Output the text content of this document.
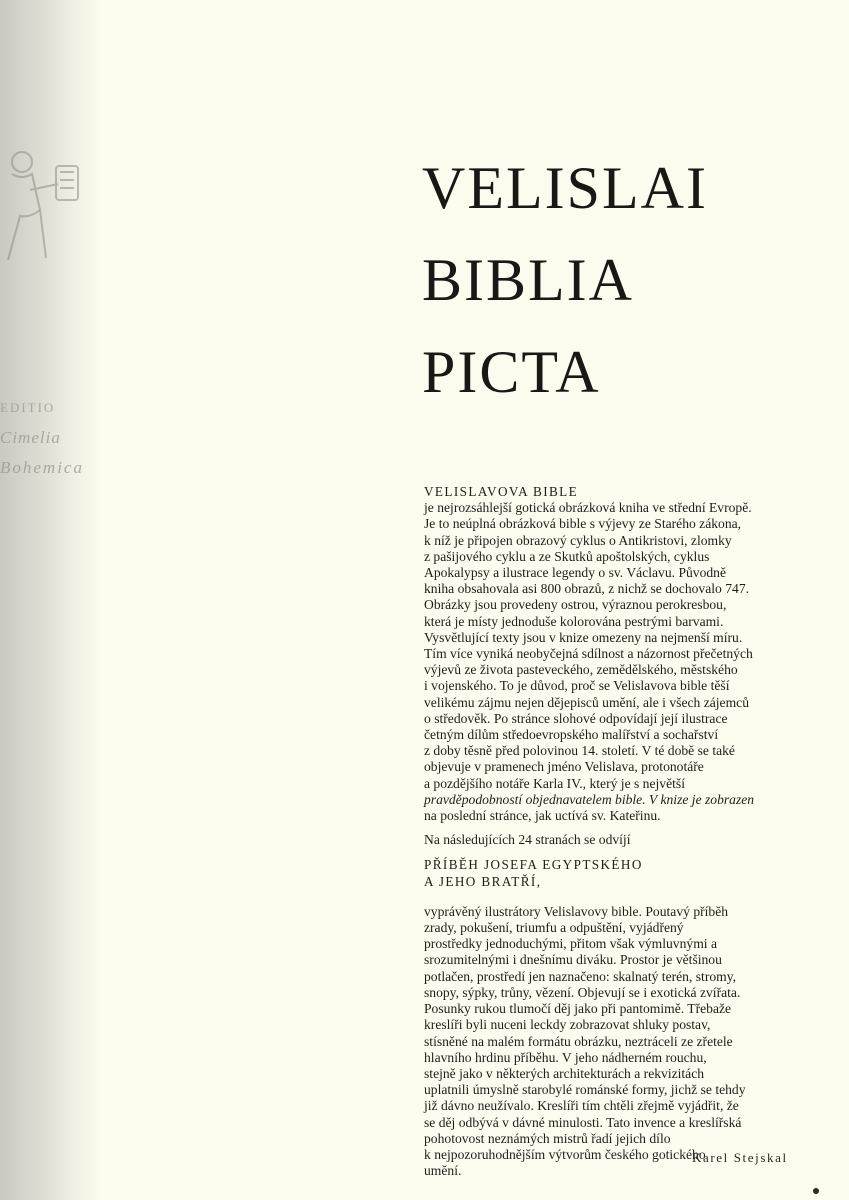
EDITIO
Cimelia
Bohemica
VELISLAI
BIBLIA
PICTA

VELISLAVOVA BIBLE

je nejrozsáhlejší gotická obrázková kniha ve střední Evropě.
Je to neúplná obrázková bible s výjevy ze Starého zákona,
k níž je připojen obrazový cyklus o Antikristovi, zlomky
z pašijového cyklu a ze Skutků apoštolských, cyklus
Apokalypsy a ilustrace legendy o sv. Václavu. Původně
kniha obsahovala asi 800 obrazů, z nichž se dochovalo 747.
Obrázky jsou provedeny ostrou, výraznou perokresbou,
která je místy jednoduše kolorována pestrými barvami.
Vysvětlující texty jsou v knize omezeny na nejmenší míru.
Tím více vyniká neobyčejná sdílnost a názornost přečetných
výjevů ze života pasteveckého, zemědělského, městského
i vojenského. To je důvod, proč se Velislavova bible těší
velikému zájmu nejen dějepisců umění, ale i všech zájemců
o středověk. Po stránce slohové odpovídají její ilustrace
četným dílům středoevropského malířství a sochařství
z doby těsně před polovinou 14. století. V té době se také
objevuje v pramenech jméno Velislava, protonotáře
a pozdějšího notáře Karla IV., který je s největší
pravděpodobností objednavatelem bible. V knize je zobrazen
na poslední stránce, jak uctívá sv. Kateřinu.

Na následujících 24 stranách se odvíjí

PŘÍBĚH JOSEFA EGYPTSKÉHO
A JEHO BRATŘÍ,

vyprávěný ilustrátory Velislavovy bible. Poutavý příběh
zrady, pokušení, triumfu a odpuštění, vyjádřený
prostředky jednoduchými, přitom však výmluvnými a
srozumitelnými i dnešnímu diváku. Prostor je většinou
potlačen, prostředí jen naznačeno: skalnatý terén, stromy,
snopy, sýpky, trůny, vězení. Objevují se i exotická zvířata.
Posunky rukou tlumočí děj jako při pantomimě. Třebaže
kreslíři byli nuceni leckdy zobrazovat shluky postav,
stísněné na malém formátu obrázku, neztráceli ze zřetele
hlavního hrdinu příběhu. V jeho nádherném rouchu,
stejně jako v některých architekturách a rekvizitách
uplatnili úmyslně starobylé románské formy, jichž se tehdy
již dávno neužívalo. Kreslíři tím chtěli zřejmě vyjádřit, že
se děj odbývá v dávné minulosti. Tato invence a kreslířská
pohotovost neznámých mistrů řadí jejich dílo
k nejpozoruhodnějším výtvorům českého gotického
umění.

Karel Stejskal
